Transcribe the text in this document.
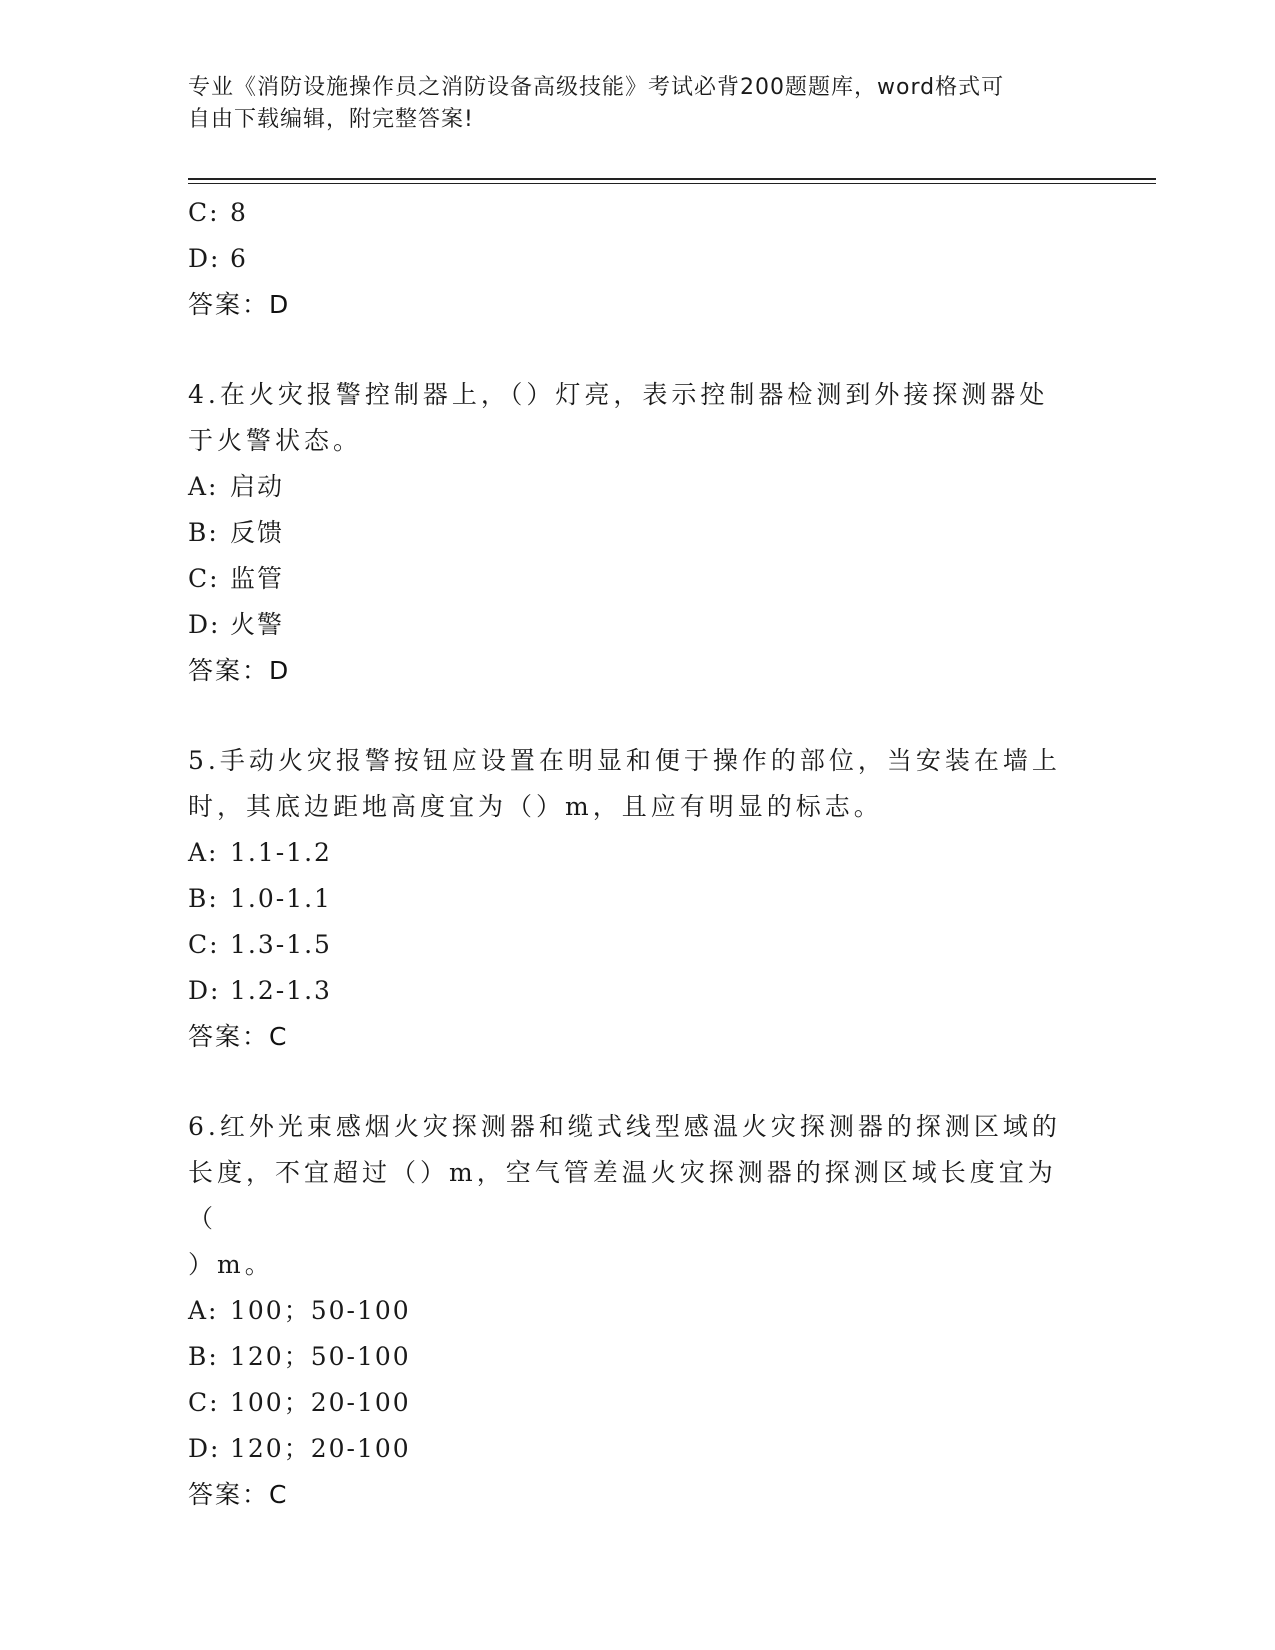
专业《消防设施操作员之消防设备高级技能》考试必背200题题库，word格式可
自由下载编辑，附完整答案!
C: 8
D: 6
答案：D
4.在火灾报警控制器上，（）灯亮，表示控制器检测到外接探测器处
于火警状态。
A: 启动
B: 反馈
C: 监管
D: 火警
答案：D
5.手动火灾报警按钮应设置在明显和便于操作的部位，当安装在墙上
时，其底边距地高度宜为（）m，且应有明显的标志。
A: 1.1-1.2
B: 1.0-1.1
C: 1.3-1.5
D: 1.2-1.3
答案：C
6.红外光束感烟火灾探测器和缆式线型感温火灾探测器的探测区域的
长度，不宜超过（）m，空气管差温火灾探测器的探测区域长度宜为（
）m。
A: 100；50-100
B: 120；50-100
C: 100；20-100
D: 120；20-100
答案：C
